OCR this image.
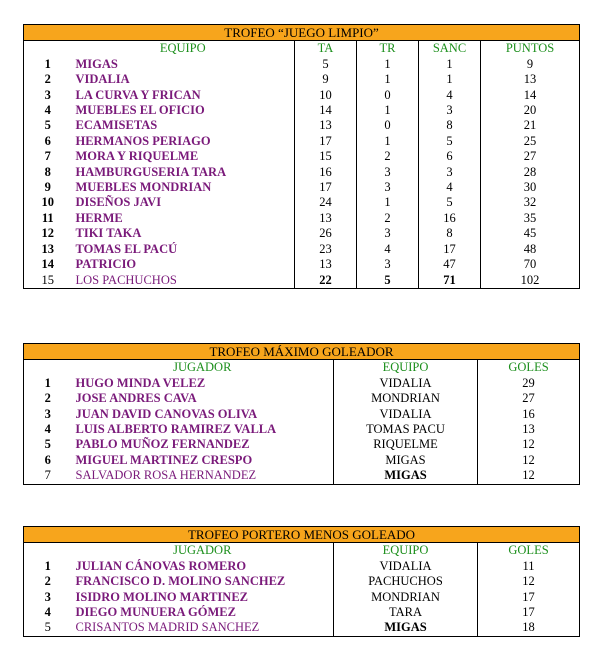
TROFEO “JUEGO LIMPIO”					
	EQUIPO	TA	TR	SANC	PUNTOS
1	MIGAS	5	1	1	9
2	VIDALIA	9	1	1	13
3	LA CURVA Y FRICAN	10	0	4	14
4	MUEBLES EL OFICIO	14	1	3	20
5	ECAMISETAS	13	0	8	21
6	HERMANOS PERIAGO	17	1	5	25
7	MORA Y RIQUELME	15	2	6	27
8	HAMBURGUSERIA TARA	16	3	3	28
9	MUEBLES MONDRIAN	17	3	4	30
10	DISEÑOS JAVI	24	1	5	32
11	HERME	13	2	16	35
12	TIKI TAKA	26	3	8	45
13	TOMAS EL PACÚ	23	4	17	48
14	PATRICIO	13	3	47	70
15	LOS PACHUCHOS	22	5	71	102
TROFEO MÁXIMO GOLEADOR			
	JUGADOR	EQUIPO	GOLES
1	HUGO MINDA VELEZ	VIDALIA	29
2	JOSE ANDRES CAVA	MONDRIAN	27
3	JUAN DAVID CANOVAS OLIVA	VIDALIA	16
4	LUIS ALBERTO RAMIREZ VALLA	TOMAS PACU	13
5	PABLO MUÑOZ FERNANDEZ	RIQUELME	12
6	MIGUEL MARTINEZ CRESPO	MIGAS	12
7	SALVADOR ROSA HERNANDEZ	MIGAS	12
TROFEO PORTERO MENOS GOLEADO			
	JUGADOR	EQUIPO	GOLES
1	JULIAN CÁNOVAS ROMERO	VIDALIA	11
2	FRANCISCO D. MOLINO SANCHEZ	PACHUCHOS	12
3	ISIDRO MOLINO MARTINEZ	MONDRIAN	17
4	DIEGO MUNUERA GÓMEZ	TARA	17
5	CRISANTOS MADRID SANCHEZ	MIGAS	18
